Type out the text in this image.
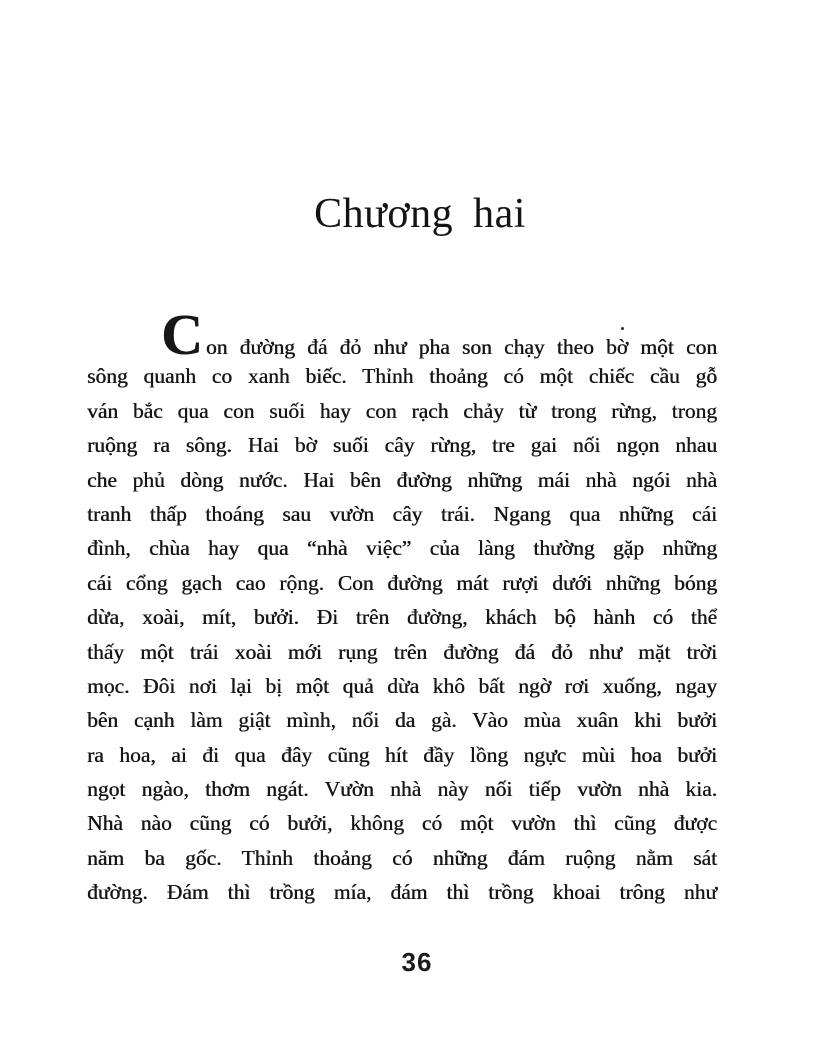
Chương hai
Con đường đá đỏ như pha son chạy theo bờ một con
sông quanh co xanh biếc. Thỉnh thoảng có một chiếc cầu gỗ
ván bắc qua con suối hay con rạch chảy từ trong rừng, trong
ruộng ra sông. Hai bờ suối cây rừng, tre gai nối ngọn nhau
che phủ dòng nước. Hai bên đường những mái nhà ngói nhà
tranh thấp thoáng sau vườn cây trái. Ngang qua những cái
đình, chùa hay qua “nhà việc” của làng thường gặp những
cái cổng gạch cao rộng. Con đường mát rượi dưới những bóng
dừa, xoài, mít, bưởi. Đi trên đường, khách bộ hành có thể
thấy một trái xoài mới rụng trên đường đá đỏ như mặt trời
mọc. Đôi nơi lại bị một quả dừa khô bất ngờ rơi xuống, ngay
bên cạnh làm giật mình, nổi da gà. Vào mùa xuân khi bưởi
ra hoa, ai đi qua đây cũng hít đầy lồng ngực mùi hoa bưởi
ngọt ngào, thơm ngát. Vườn nhà này nối tiếp vườn nhà kia.
Nhà nào cũng có bưởi, không có một vườn thì cũng được
năm ba gốc. Thỉnh thoảng có những đám ruộng nằm sát
đường. Đám thì trồng mía, đám thì trồng khoai trông như
36
